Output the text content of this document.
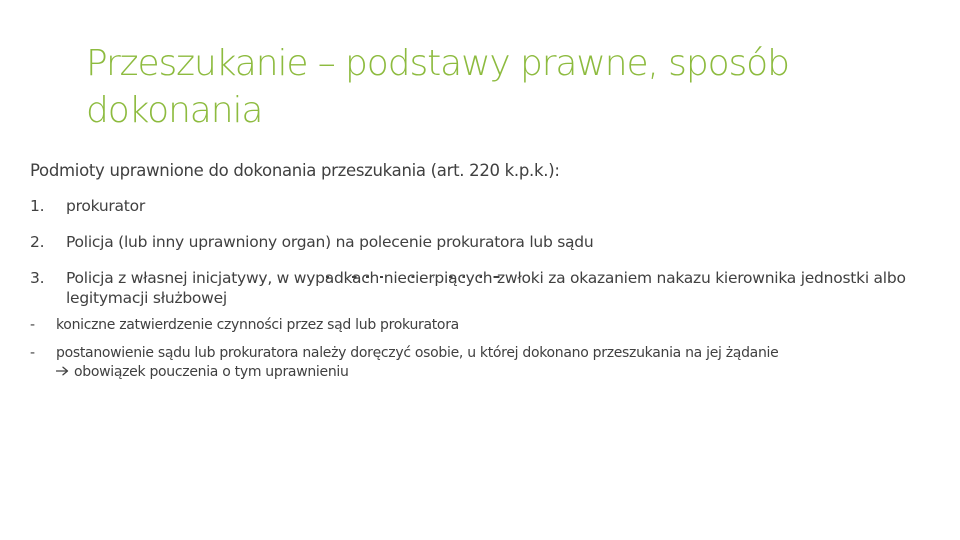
Przeszukanie – podstawy prawne, sposób dokonania

Podmioty uprawnione do dokonania przeszukania (art. 220 k.p.k.):

1. prokurator
2. Policja (lub inny uprawniony organ) na polecenie prokuratora lub sądu
3. Policja z własnej inicjatywy, w wypadkach niecierpiących zwłoki za okazaniem nakazu kierownika jednostki albo legitymacji służbowej
- koniczne zatwierdzenie czynności przez sąd lub prokuratora
- postanowienie sądu lub prokuratora należy doręczyć osobie, u której dokonano przeszukania na jej żądanie
obowiązek pouczenia o tym uprawnieniu
